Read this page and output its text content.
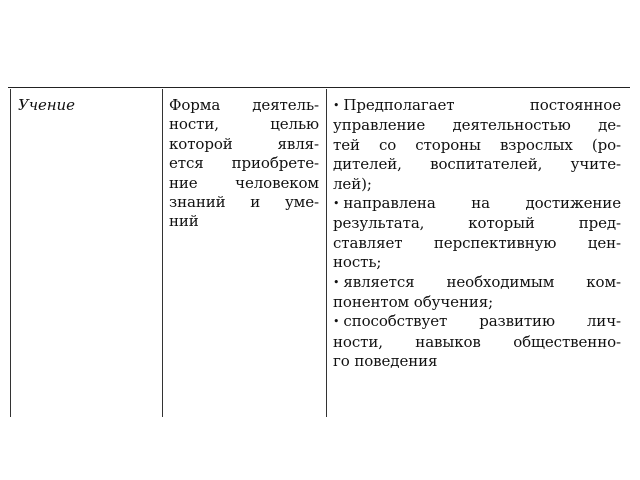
Учение	Форма деятель-
ности, целью
которой явля-
ется приобрете-
ние человеком
знаний и уме-
ний
• Предполагает постоянное
управление деятельностью де-
тей со стороны взрослых (ро-
дителей, воспитателей, учите-
лей);
• направлена на достижение
результата, который пред-
ставляет перспективную цен-
ность;
• является необходимым ком-
понентом обучения;
• способствует развитию лич-
ности, навыков общественно-
го поведения
